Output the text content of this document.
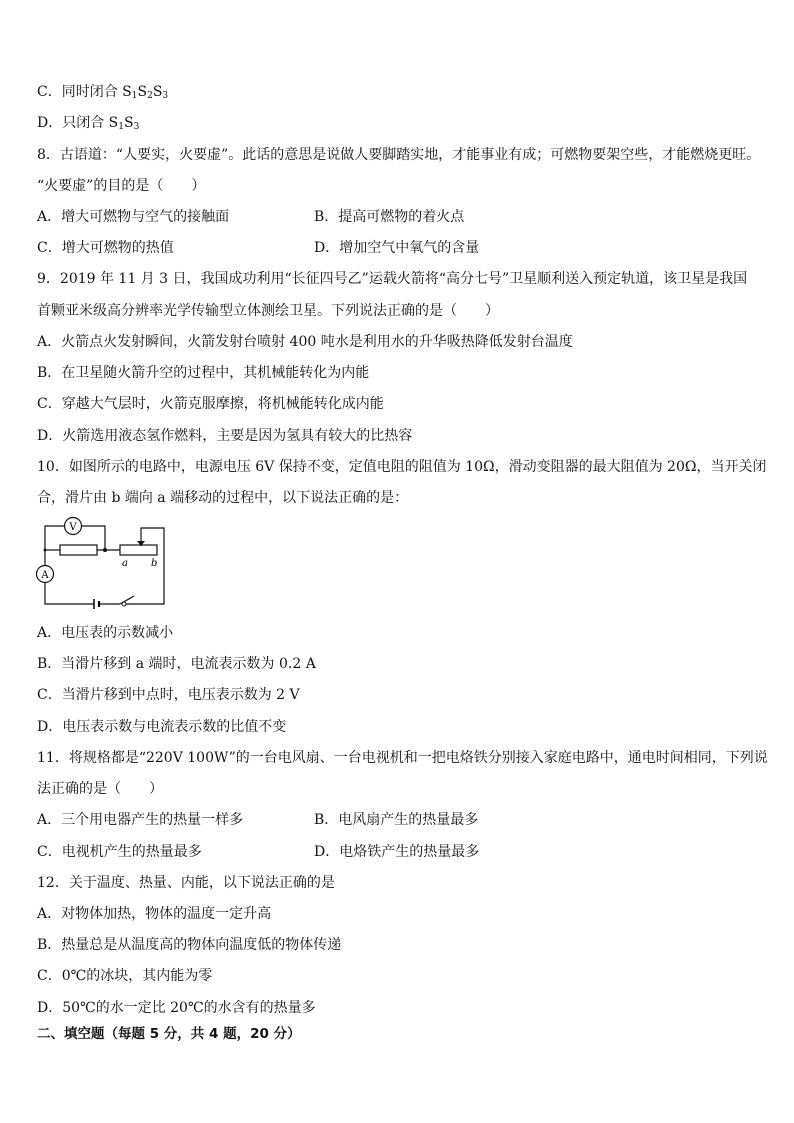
C．同时闭合 $S_1S_2S_3$
D．只闭合 $S_1S_3$
8．古语道：“人要实，火要虚”。此话的意思是说做人要脚踏实地，才能事业有成；可燃物要架空些，才能燃烧更旺。
“火要虚”的目的是（　　）
A．增大可燃物与空气的接触面	B．提高可燃物的着火点
C．增大可燃物的热值	D．增加空气中氧气的含量
9．2019 年 11 月 3 日，我国成功利用“长征四号乙”运载火箭将“高分七号”卫星顺利送入预定轨道，该卫星是我国
首颗亚米级高分辨率光学传输型立体测绘卫星。下列说法正确的是（　　）
A．火箭点火发射瞬间，火箭发射台喷射 400 吨水是利用水的升华吸热降低发射台温度
B．在卫星随火箭升空的过程中，其机械能转化为内能
C．穿越大气层时，火箭克服摩擦，将机械能转化成内能
D．火箭选用液态氢作燃料，主要是因为氢具有较大的比热容
10．如图所示的电路中，电源电压 6V 保持不变，定值电阻的阻值为 10Ω，滑动变阻器的最大阻值为 20Ω，当开关闭
合，滑片由 b 端向 a 端移动的过程中，以下说法正确的是：
V
A
a b
A．电压表的示数减小
B．当滑片移到 a 端时，电流表示数为 0.2 A
C．当滑片移到中点时，电压表示数为 2 V
D．电压表示数与电流表示数的比值不变
11．将规格都是“220V 100W”的一台电风扇、一台电视机和一把电烙铁分别接入家庭电路中，通电时间相同，下列说
法正确的是（　　）
A．三个用电器产生的热量一样多	B．电风扇产生的热量最多
C．电视机产生的热量最多	D．电烙铁产生的热量最多
12．关于温度、热量、内能，以下说法正确的是
A．对物体加热，物体的温度一定升高
B．热量总是从温度高的物体向温度低的物体传递
C．0℃的冰块，其内能为零
D．50℃的水一定比 20℃的水含有的热量多
二、填空题（每题 5 分，共 4 题，20 分）
